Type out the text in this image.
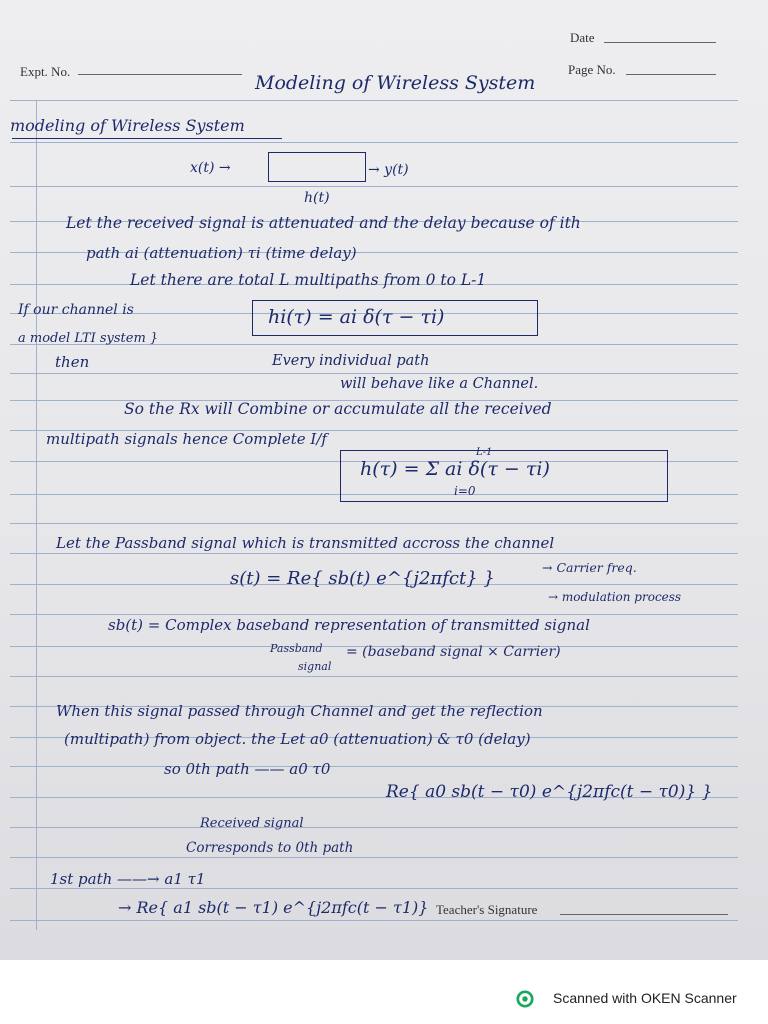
Date
Expt. No.	Page No.
Modeling of Wireless System
modeling of Wireless System
x(t) →	→ y(t)
h(t)
Let the received signal is attenuated and the delay because of ith
path ai (attenuation) τi (time delay)
Let there are total L multipaths from 0 to L-1
If our channel is
a model LTI system }
then
hi(τ) = ai δ(τ − τi)
Every individual path
will behave like a Channel.
So the Rx will Combine or accumulate all the received
multipath signals hence Complete I/f
L-1
h(τ) = Σ ai δ(τ − τi)
i=0
Let the Passband signal which is transmitted accross the channel
s(t) = Re{ sb(t) e^{j2πfct} }
→ Carrier freq.
→ modulation process
sb(t) = Complex baseband representation of transmitted signal
Passband
signal
= (baseband signal × Carrier)
When this signal passed through Channel and get the reflection
(multipath) from object. the Let a0 (attenuation) & τ0 (delay)
so 0th path —— a0 τ0
Re{ a0 sb(t − τ0) e^{j2πfc(t − τ0)} }
Received signal
Corresponds to 0th path
1st path ——→ a1 τ1
→ Re{ a1 sb(t − τ1) e^{j2πfc(t − τ1)} Teacher's Signature
Scanned with OKEN Scanner
